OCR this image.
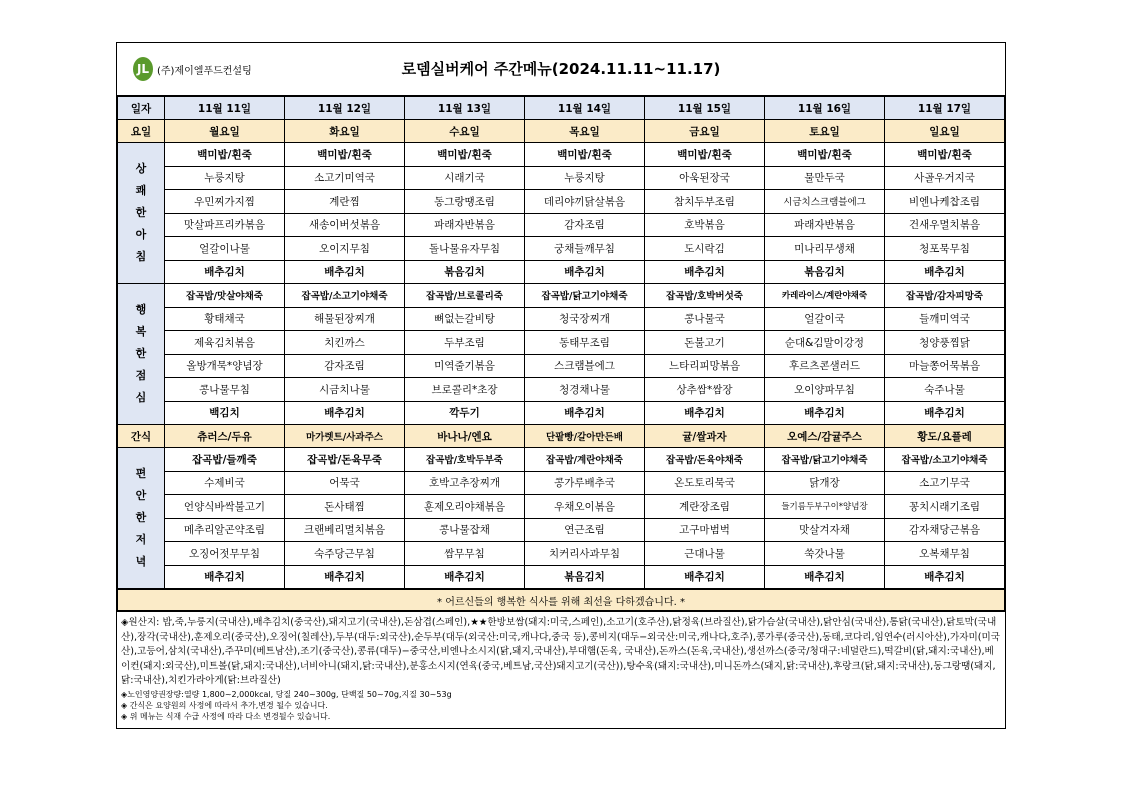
JL (주)제이엘푸드컨설팅	로뎀실버케어 주간메뉴(2024.11.11~11.17)
일자	11월 11일	11월 12일	11월 13일	11월 14일	11월 15일	11월 16일	11월 17일
요일	월요일	화요일	수요일	목요일	금요일	토요일	일요일

상
쾌
한
아
침	백미밥/흰죽	백미밥/흰죽	백미밥/흰죽	백미밥/흰죽	백미밥/흰죽	백미밥/흰죽	백미밥/흰죽
	누룽지탕	소고기미역국	시래기국	누룽지탕	아욱된장국	물만두국	사골우거지국
	우민찌가지찜	계란찜	동그랑땡조림	데리야끼닭살볶음	참치두부조림	시금치스크램블에그	비엔나케찹조림
	맛살파프리카볶음	새송이버섯볶음	파래자반볶음	감자조림	호박볶음	파래자반볶음	건새우멸치볶음
	얼갈이나물	오이지무침	돌나물유자무침	궁채들깨무침	도시락김	미나리무생채	청포묵무침
	배추김치	배추김치	볶음김치	배추김치	배추김치	볶음김치	배추김치

행
복
한
점
심	잡곡밥/맛살야채죽	잡곡밥/소고기야채죽	잡곡밥/브로콜리죽	잡곡밥/닭고기야채죽	잡곡밥/호박버섯죽	카레라이스/계란야채죽	잡곡밥/감자피망죽
	황태채국	해물된장찌개	뼈없는갈비탕	청국장찌개	콩나물국	얼갈이국	들깨미역국
	제육김치볶음	치킨까스	두부조림	동태무조림	돈불고기	순대&김말이강정	청양풍찜닭
	올방개묵*양념장	감자조림	미역줄기볶음	스크램블에그	느타리피망볶음	후르츠콘샐러드	마늘쫑어묵볶음
	콩나물무침	시금치나물	브로콜리*초장	청경채나물	상추쌈*쌈장	오이양파무침	숙주나물
	백김치	배추김치	깍두기	배추김치	배추김치	배추김치	배추김치
간식	츄러스/두유	마가렛트/사과주스	바나나/엔요	단팥빵/갈아만든배	귤/쌀과자	오예스/감귤주스	황도/요플레

편
안
한
저
녁	잡곡밥/들깨죽	잡곡밥/돈육무죽	잡곡밥/호박두부죽	잡곡밥/계란야채죽	잡곡밥/돈육야채죽	잡곡밥/닭고기야채죽	잡곡밥/소고기야채죽
	수제비국	어묵국	호박고추장찌개	콩가루배추국	온도토리묵국	닭개장	소고기무국
	언양식바싹불고기	돈사태찜	훈제오리야채볶음	우채오이볶음	계란장조림	들기름두부구이*양념장	꽁치시래기조림
	메추리알곤약조림	크랜베리멸치볶음	콩나물잡채	연근조림	고구마범벅	맛살겨자채	감자채당근볶음
	오징어젓무무침	숙주당근무침	쌈무무침	치커리사과무침	근대나물	쑥갓나물	오복채무침
	배추김치	배추김치	배추김치	볶음김치	배추김치	배추김치	배추김치
* 어르신들의 행복한 식사를 위해 최선을 다하겠습니다. *
◈원산지: 밥,죽,누룽지(국내산),배추김치(중국산),돼지고기(국내산),돈삼겹(스페인),★★한방보쌈(돼지:미국,스페인),소고기(호주산),닭정육(브라질산),닭가슴살(국내산),닭안심(국내산),통닭(국내산),닭토막(국내산),장각(국내산),훈제오리(중국산),오징어(칠레산),두부(대두:외국산),순두부(대두(외국산:미국,캐나다,중국 등),콩비지(대두−외국산:미국,캐나다,호주),콩가루(중국산),동태,코다리,임연수(러시아산),가자미(미국산),고등어,삼치(국내산),주꾸미(베트남산),조기(중국산),콩류(대두)−중국산,비엔나소시지(닭,돼지,국내산),부대햄(돈육, 국내산),돈까스(돈육,국내산),생선까스(중국/청대구:네덜란드),떡갈비(닭,돼지:국내산),베이컨(돼지:외국산),미트볼(닭,돼지:국내산),너비아니(돼지,닭:국내산),분홍소시지(연육(중국,베트남,국산)돼지고기(국산)),탕수육(돼지:국내산),미니돈까스(돼지,닭:국내산),후랑크(닭,돼지:국내산),동그랑땡(돼지,닭:국내산),치킨가라아게(닭:브라질산)
◈노인영양권장량:열량 1,800~2,000kcal, 당질 240~300g, 단백질 50~70g,지질 30~53g
◈ 간식은 요양원의 사정에 따라서 추가,변경 될수 있습니다.
◈ 위 메뉴는 식재 수급 사정에 따라 다소 변경될수 있습니다.
